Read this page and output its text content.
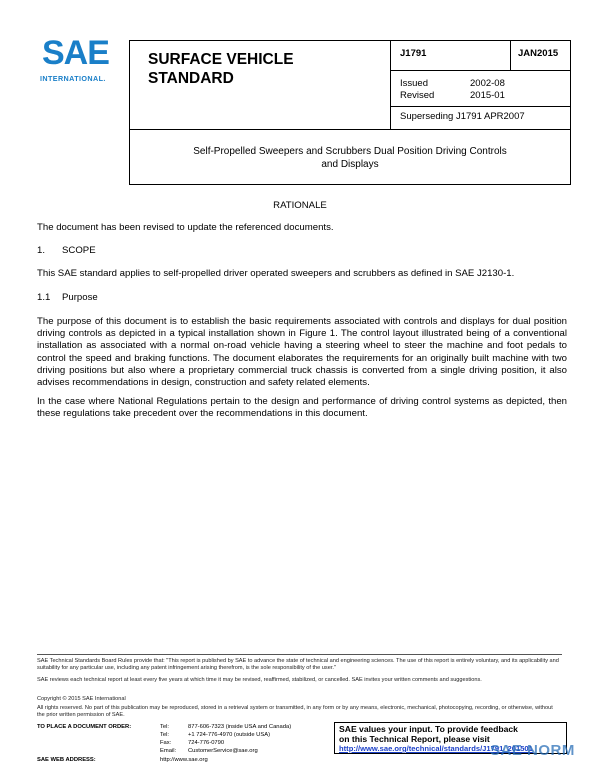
SAE
INTERNATIONAL.
SURFACE VEHICLE
STANDARD
J1791	JAN2015
Issued	2002-08
Revised	2015-01
Superseding J1791 APR2007
Self-Propelled Sweepers and Scrubbers Dual Position Driving Controls
and Displays
RATIONALE
The document has been revised to update the referenced documents.
1. SCOPE
This SAE standard applies to self-propelled driver operated sweepers and scrubbers as defined in SAE J2130-1.
1.1 Purpose
The purpose of this document is to establish the basic requirements associated with controls and displays for dual position driving controls as depicted in a typical installation shown in Figure 1. The control layout illustrated being of a conventional installation as associated with a normal on-road vehicle having a steering wheel to steer the machine and foot pedals to control the speed and braking functions. The document elaborates the requirements for an originally built machine with two driving positions but also where a proprietary commercial truck chassis is converted from a single driving position, it also advises recommendations in design, construction and safety related elements.
In the case where National Regulations pertain to the design and performance of driving control systems as depicted, then these regulations take precedent over the recommendations in this document.
SAE Technical Standards Board Rules provide that: "This report is published by SAE to advance the state of technical and engineering sciences. The use of this report is entirely voluntary, and its applicability and suitability for any particular use, including any patent infringement arising therefrom, is the sole responsibility of the user."
SAE reviews each technical report at least every five years at which time it may be revised, reaffirmed, stabilized, or cancelled. SAE invites your written comments and suggestions.
Copyright © 2015 SAE International
All rights reserved. No part of this publication may be reproduced, stored in a retrieval system or transmitted, in any form or by any means, electronic, mechanical, photocopying, recording, or otherwise, without the prior written permission of SAE.
TO PLACE A DOCUMENT ORDER:	Tel:	877-606-7323 (inside USA and Canada)
Tel:	+1 724-776-4970 (outside USA)
Fax:	724-776-0790
Email: CustomerService@sae.org
SAE WEB ADDRESS:	http://www.sae.org
SAE values your input. To provide feedback
on this Technical Report, please visit
http://www.sae.org/technical/standards/J1791_201501
SAE NORM
